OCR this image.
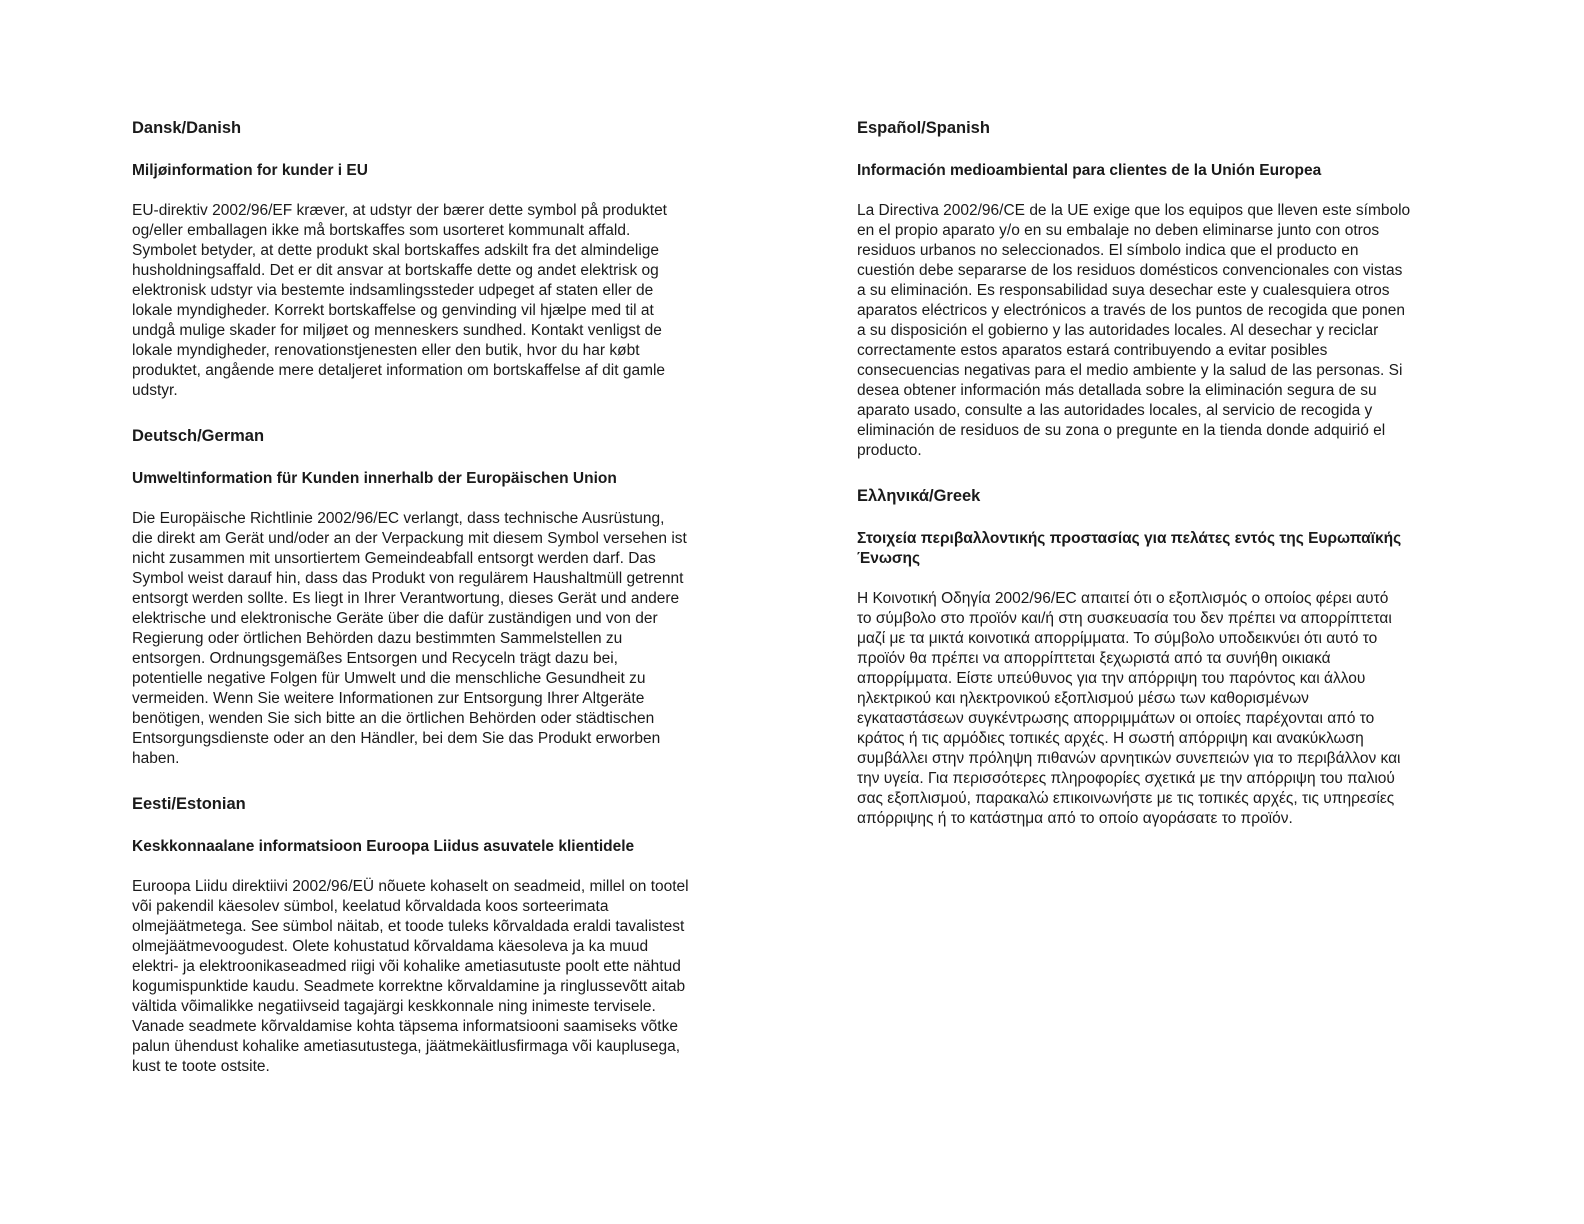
Dansk/Danish
Miljøinformation for kunder i EU
EU-direktiv 2002/96/EF kræver, at udstyr der bærer dette symbol på produktet
og/eller emballagen ikke må bortskaffes som usorteret kommunalt affald.
Symbolet betyder, at dette produkt skal bortskaffes adskilt fra det almindelige
husholdningsaffald. Det er dit ansvar at bortskaffe dette og andet elektrisk og
elektronisk udstyr via bestemte indsamlingssteder udpeget af staten eller de
lokale myndigheder. Korrekt bortskaffelse og genvinding vil hjælpe med til at
undgå mulige skader for miljøet og menneskers sundhed. Kontakt venligst de
lokale myndigheder, renovationstjenesten eller den butik, hvor du har købt
produktet, angående mere detaljeret information om bortskaffelse af dit gamle
udstyr.
Deutsch/German
Umweltinformation für Kunden innerhalb der Europäischen Union
Die Europäische Richtlinie 2002/96/EC verlangt, dass technische Ausrüstung,
die direkt am Gerät und/oder an der Verpackung mit diesem Symbol versehen ist
nicht zusammen mit unsortiertem Gemeindeabfall entsorgt werden darf. Das
Symbol weist darauf hin, dass das Produkt von regulärem Haushaltmüll getrennt
entsorgt werden sollte. Es liegt in Ihrer Verantwortung, dieses Gerät und andere
elektrische und elektronische Geräte über die dafür zuständigen und von der
Regierung oder örtlichen Behörden dazu bestimmten Sammelstellen zu
entsorgen. Ordnungsgemäßes Entsorgen und Recyceln trägt dazu bei,
potentielle negative Folgen für Umwelt und die menschliche Gesundheit zu
vermeiden. Wenn Sie weitere Informationen zur Entsorgung Ihrer Altgeräte
benötigen, wenden Sie sich bitte an die örtlichen Behörden oder städtischen
Entsorgungsdienste oder an den Händler, bei dem Sie das Produkt erworben
haben.
Eesti/Estonian
Keskkonnaalane informatsioon Euroopa Liidus asuvatele klientidele
Euroopa Liidu direktiivi 2002/96/EÜ nõuete kohaselt on seadmeid, millel on tootel
või pakendil käesolev sümbol, keelatud kõrvaldada koos sorteerimata
olmejäätmetega. See sümbol näitab, et toode tuleks kõrvaldada eraldi tavalistest
olmejäätmevoogudest. Olete kohustatud kõrvaldama käesoleva ja ka muud
elektri- ja elektroonikaseadmed riigi või kohalike ametiasutuste poolt ette nähtud
kogumispunktide kaudu. Seadmete korrektne kõrvaldamine ja ringlussevõtt aitab
vältida võimalikke negatiivseid tagajärgi keskkonnale ning inimeste tervisele.
Vanade seadmete kõrvaldamise kohta täpsema informatsiooni saamiseks võtke
palun ühendust kohalike ametiasutustega, jäätmekäitlusfirmaga või kauplusega,
kust te toote ostsite.
Español/Spanish
Información medioambiental para clientes de la Unión Europea
La Directiva 2002/96/CE de la UE exige que los equipos que lleven este símbolo
en el propio aparato y/o en su embalaje no deben eliminarse junto con otros
residuos urbanos no seleccionados. El símbolo indica que el producto en
cuestión debe separarse de los residuos domésticos convencionales con vistas
a su eliminación. Es responsabilidad suya desechar este y cualesquiera otros
aparatos eléctricos y electrónicos a través de los puntos de recogida que ponen
a su disposición el gobierno y las autoridades locales. Al desechar y reciclar
correctamente estos aparatos estará contribuyendo a evitar posibles
consecuencias negativas para el medio ambiente y la salud de las personas. Si
desea obtener información más detallada sobre la eliminación segura de su
aparato usado, consulte a las autoridades locales, al servicio de recogida y
eliminación de residuos de su zona o pregunte en la tienda donde adquirió el
producto.
Ελληνικά/Greek
Στοιχεία περιβαλλοντικής προστασίας για πελάτες εντός της Ευρωπαϊκής
Ένωσης
Η Κοινοτική Οδηγία 2002/96/EC απαιτεί ότι ο εξοπλισμός ο οποίος φέρει αυτό
το σύμβολο στο προϊόν και/ή στη συσκευασία του δεν πρέπει να απορρίπτεται
μαζί με τα μικτά κοινοτικά απορρίμματα. Το σύμβολο υποδεικνύει ότι αυτό το
προϊόν θα πρέπει να απορρίπτεται ξεχωριστά από τα συνήθη οικιακά
απορρίμματα. Είστε υπεύθυνος για την απόρριψη του παρόντος και άλλου
ηλεκτρικού και ηλεκτρονικού εξοπλισμού μέσω των καθορισμένων
εγκαταστάσεων συγκέντρωσης απορριμμάτων οι οποίες παρέχονται από το
κράτος ή τις αρμόδιες τοπικές αρχές. Η σωστή απόρριψη και ανακύκλωση
συμβάλλει στην πρόληψη πιθανών αρνητικών συνεπειών για το περιβάλλον και
την υγεία. Για περισσότερες πληροφορίες σχετικά με την απόρριψη του παλιού
σας εξοπλισμού, παρακαλώ επικοινωνήστε με τις τοπικές αρχές, τις υπηρεσίες
απόρριψης ή το κατάστημα από το οποίο αγοράσατε το προϊόν.
